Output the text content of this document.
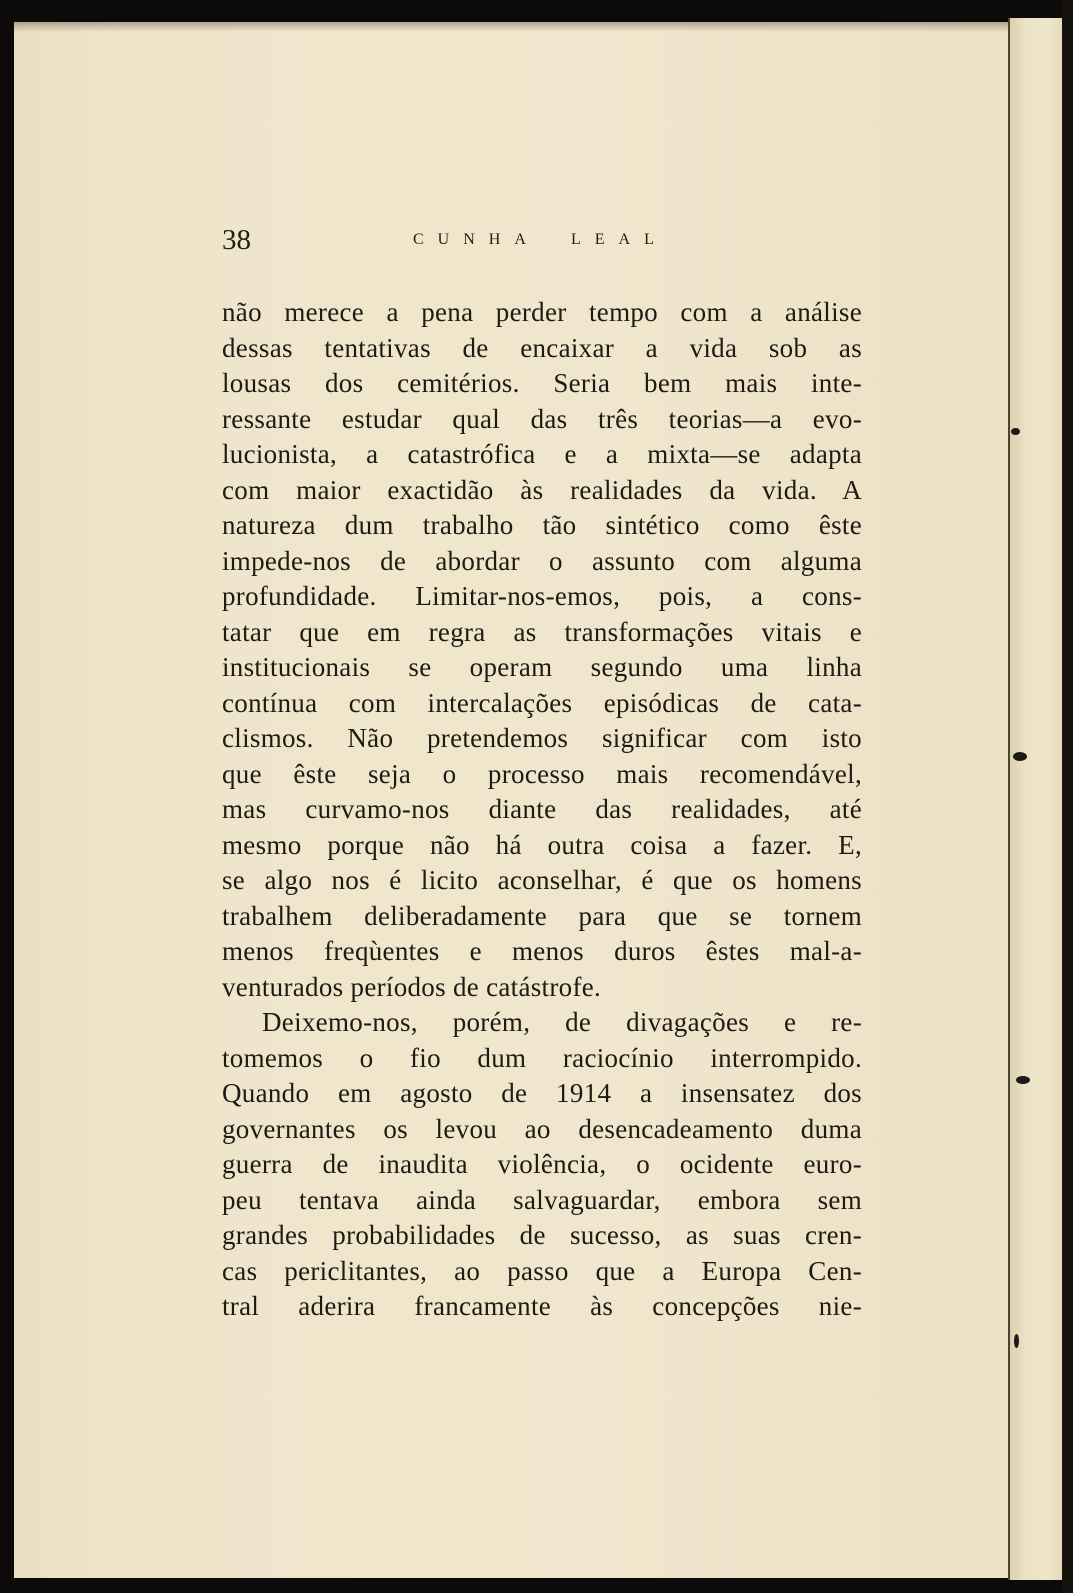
38	CUNHA LEAL
não merece a pena perder tempo com a análise
dessas tentativas de encaixar a vida sob as
lousas dos cemitérios. Seria bem mais inte-
ressante estudar qual das três teorias—a evo-
lucionista, a catastrófica e a mixta—se adapta
com maior exactidão às realidades da vida. A
natureza dum trabalho tão sintético como êste
impede-nos de abordar o assunto com alguma
profundidade. Limitar-nos-emos, pois, a cons-
tatar que em regra as transformações vitais e
institucionais se operam segundo uma linha
contínua com intercalações episódicas de cata-
clismos. Não pretendemos significar com isto
que êste seja o processo mais recomendável,
mas curvamo-nos diante das realidades, até
mesmo porque não há outra coisa a fazer. E,
se algo nos é licito aconselhar, é que os homens
trabalhem deliberadamente para que se tornem
menos freqùentes e menos duros êstes mal-a-
venturados períodos de catástrofe.
Deixemo-nos, porém, de divagações e re-
tomemos o fio dum raciocínio interrompido.
Quando em agosto de 1914 a insensatez dos
governantes os levou ao desencadeamento duma
guerra de inaudita violência, o ocidente euro-
peu tentava ainda salvaguardar, embora sem
grandes probabilidades de sucesso, as suas cren-
cas periclitantes, ao passo que a Europa Cen-
tral aderira francamente às concepções nie-
